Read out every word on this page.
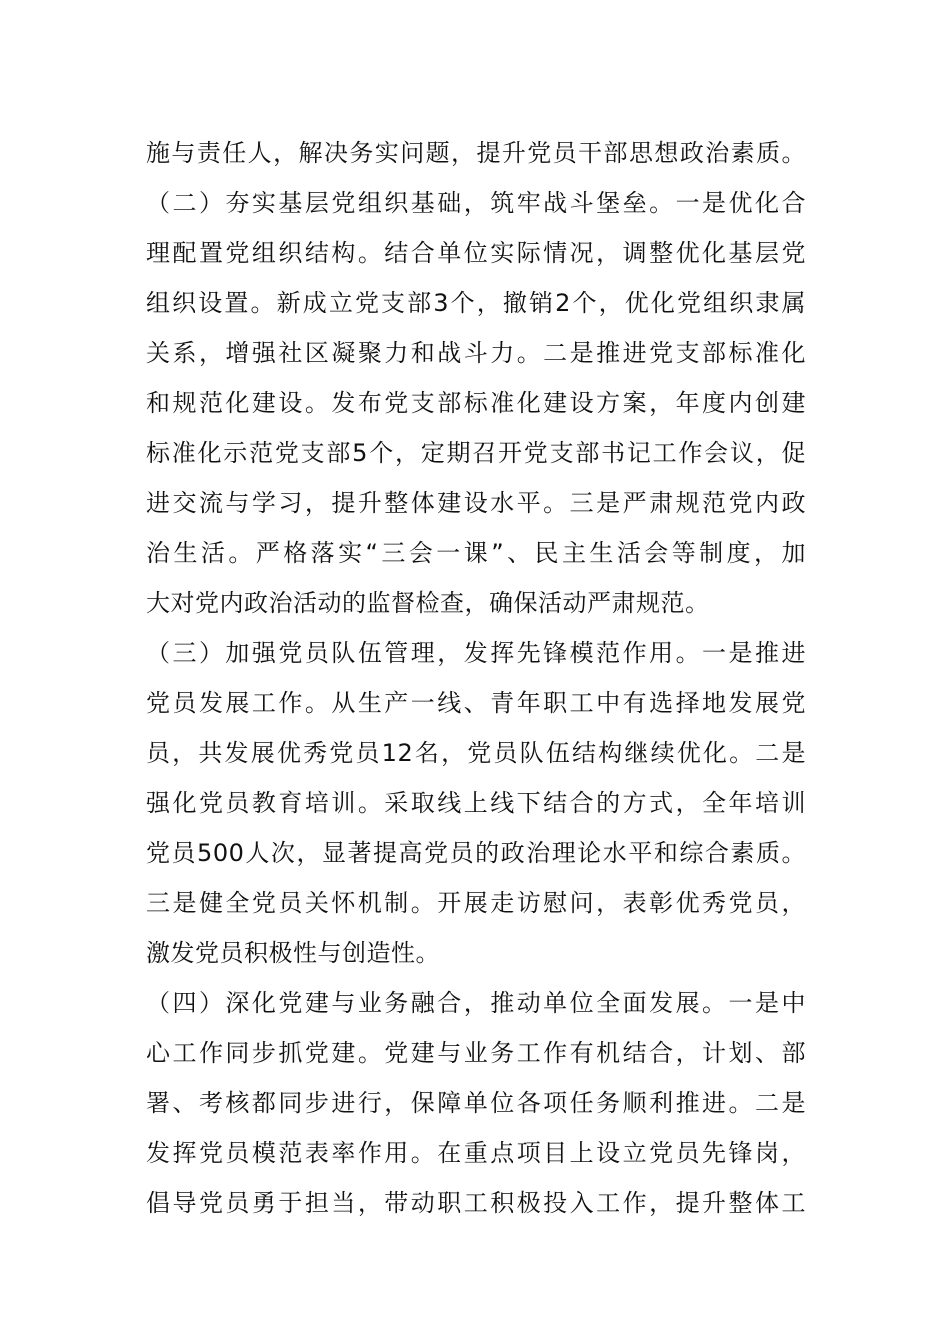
施与责任人，解决务实问题，提升党员干部思想政治素质。
（二）夯实基层党组织基础，筑牢战斗堡垒。一是优化合
理配置党组织结构。结合单位实际情况，调整优化基层党
组织设置。新成立党支部3个，撤销2个，优化党组织隶属
关系，增强社区凝聚力和战斗力。二是推进党支部标准化
和规范化建设。发布党支部标准化建设方案，年度内创建
标准化示范党支部5个，定期召开党支部书记工作会议，促
进交流与学习，提升整体建设水平。三是严肃规范党内政
治生活。严格落实“三会一课”、民主生活会等制度，加
大对党内政治活动的监督检查，确保活动严肃规范。
（三）加强党员队伍管理，发挥先锋模范作用。一是推进
党员发展工作。从生产一线、青年职工中有选择地发展党
员，共发展优秀党员12名，党员队伍结构继续优化。二是
强化党员教育培训。采取线上线下结合的方式，全年培训
党员500人次，显著提高党员的政治理论水平和综合素质。
三是健全党员关怀机制。开展走访慰问，表彰优秀党员，
激发党员积极性与创造性。
（四）深化党建与业务融合，推动单位全面发展。一是中
心工作同步抓党建。党建与业务工作有机结合，计划、部
署、考核都同步进行，保障单位各项任务顺利推进。二是
发挥党员模范表率作用。在重点项目上设立党员先锋岗，
倡导党员勇于担当，带动职工积极投入工作，提升整体工
